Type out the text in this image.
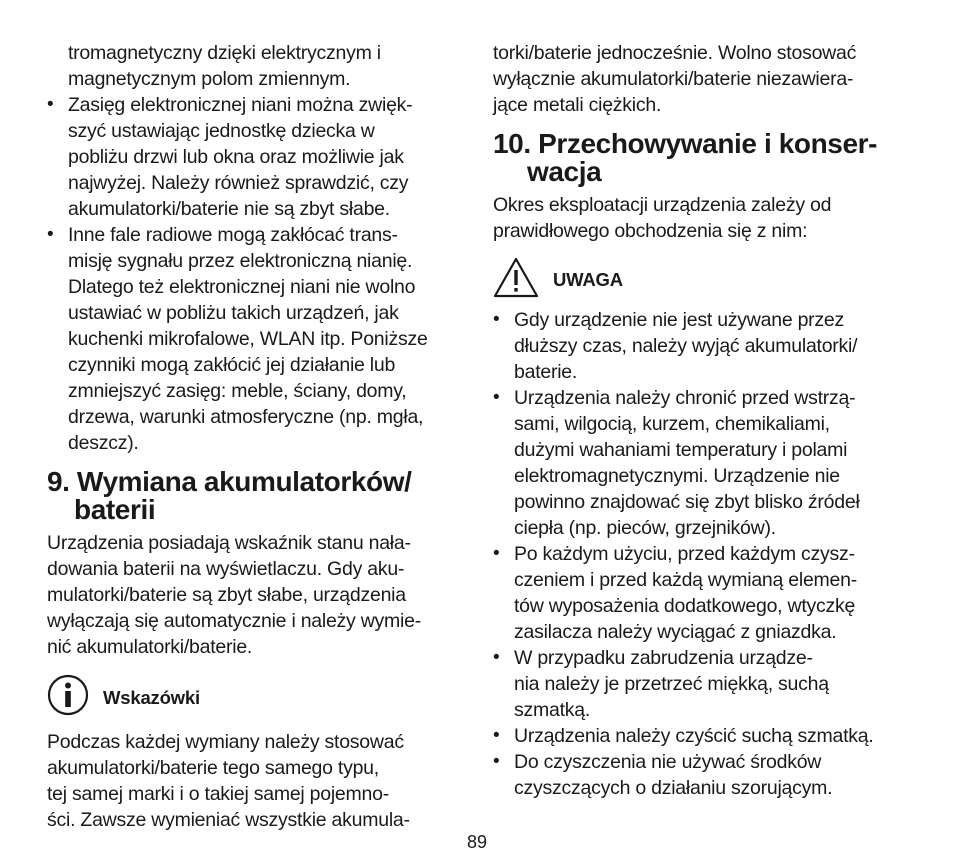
tromagnetyczny dzięki elektrycznym i
magnetycznym polom zmiennym.
• Zasięg elektronicznej niani można zwięk-
szyć ustawiając jednostkę dziecka w
pobliżu drzwi lub okna oraz możliwie jak
najwyżej. Należy również sprawdzić, czy
akumulatorki/baterie nie są zbyt słabe.
• Inne fale radiowe mogą zakłócać trans-
misję sygnału przez elektroniczną nianię.
Dlatego też elektronicznej niani nie wolno
ustawiać w pobliżu takich urządzeń, jak
kuchenki mikrofalowe, WLAN itp. Poniższe
czynniki mogą zakłócić jej działanie lub
zmniejszyć zasięg: meble, ściany, domy,
drzewa, warunki atmosferyczne (np. mgła,
deszcz).
9. Wymiana akumulatorków/
baterii
Urządzenia posiadają wskaźnik stanu nała-
dowania baterii na wyświetlaczu. Gdy aku-
mulatorki/baterie są zbyt słabe, urządzenia
wyłączają się automatycznie i należy wymie-
nić akumulatorki/baterie.
Wskazówki
Podczas każdej wymiany należy stosować
akumulatorki/baterie tego samego typu,
tej samej marki i o takiej samej pojemno-
ści. Zawsze wymieniać wszystkie akumula-
torki/baterie jednocześnie. Wolno stosować
wyłącznie akumulatorki/baterie niezawiera-
jące metali ciężkich.
10. Przechowywanie i konser-
wacja
Okres eksploatacji urządzenia zależy od
prawidłowego obchodzenia się z nim:
UWAGA
• Gdy urządzenie nie jest używane przez
dłuższy czas, należy wyjąć akumulatorki/
baterie.
• Urządzenia należy chronić przed wstrzą-
sami, wilgocią, kurzem, chemikaliami,
dużymi wahaniami temperatury i polami
elektromagnetycznymi. Urządzenie nie
powinno znajdować się zbyt blisko źródeł
ciepła (np. pieców, grzejników).
• Po każdym użyciu, przed każdym czysz-
czeniem i przed każdą wymianą elemen-
tów wyposażenia dodatkowego, wtyczkę
zasilacza należy wyciągać z gniazdka.
• W przypadku zabrudzenia urządze-
nia należy je przetrzeć miękką, suchą
szmatką.
• Urządzenia należy czyścić suchą szmatką.
• Do czyszczenia nie używać środków
czyszczących o działaniu szorującym.
89
